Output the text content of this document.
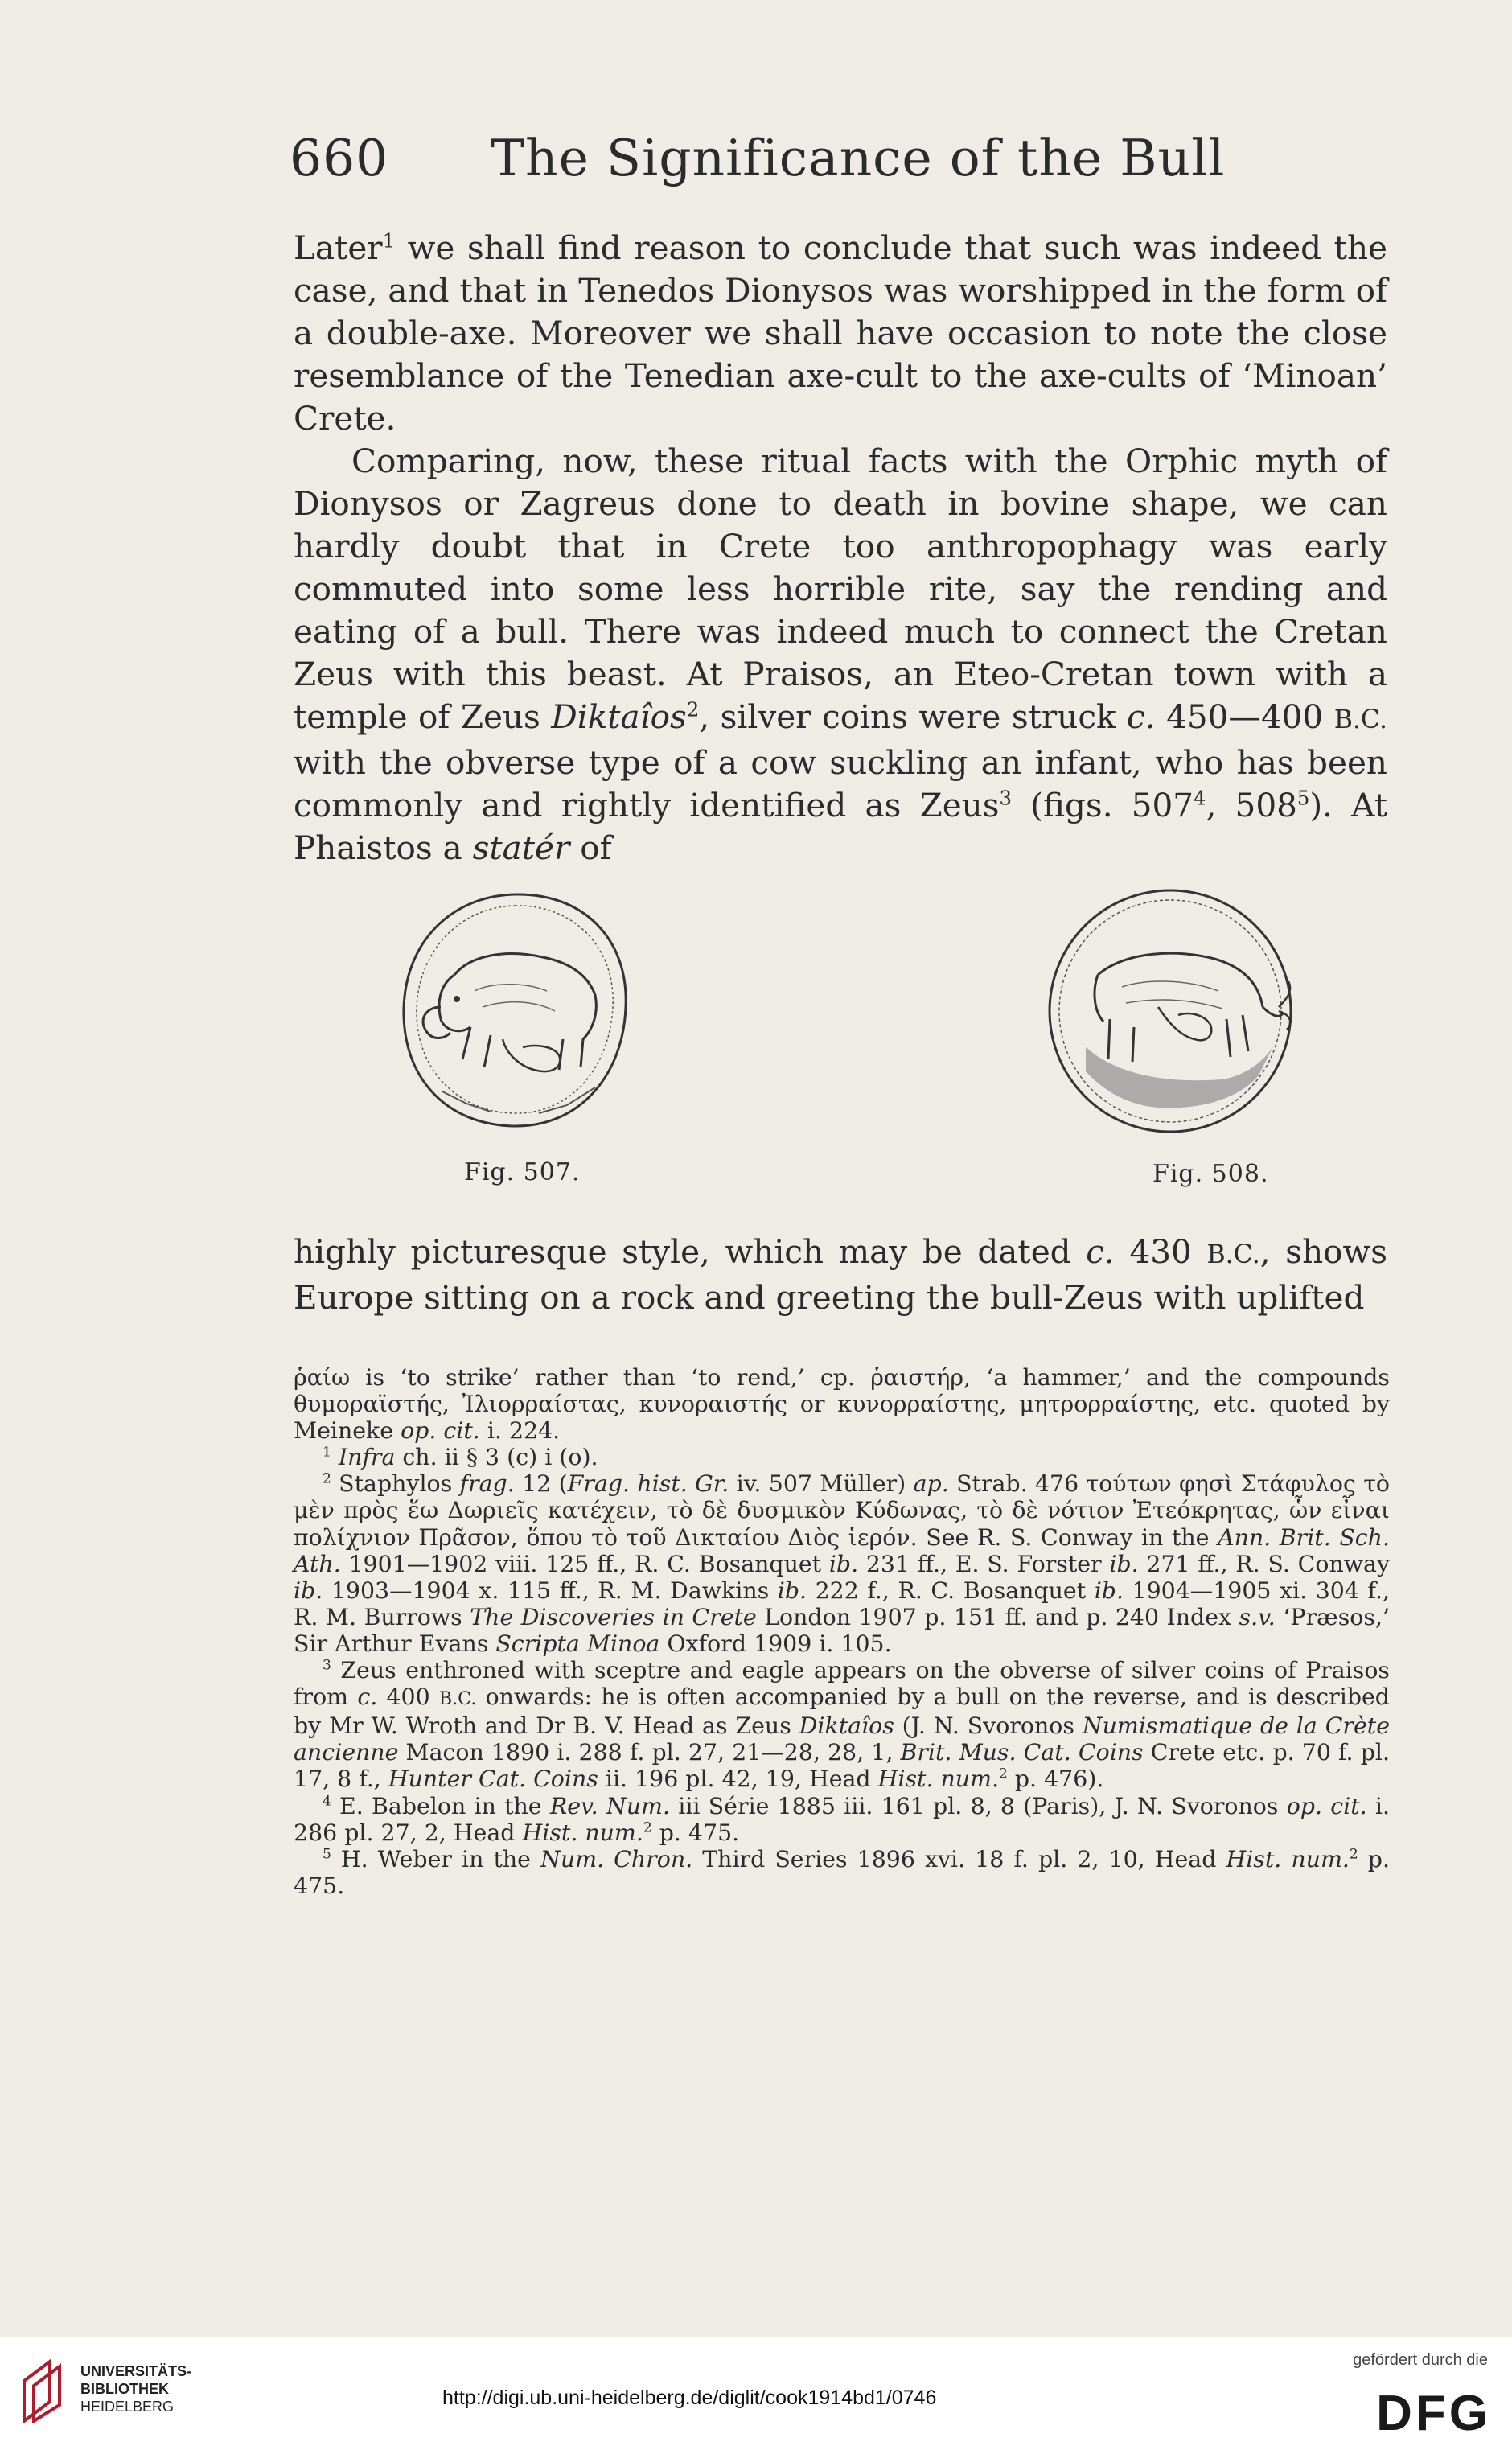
660 The Significance of the Bull

Later$^1$ we shall find reason to conclude that such was indeed the case, and that in Tenedos Dionysos was worshipped in the form of a double-axe. Moreover we shall have occasion to note the close resemblance of the Tenedian axe-cult to the axe-cults of ‘Minoan’ Crete.

Comparing, now, these ritual facts with the Orphic myth of Dionysos or Zagreus done to death in bovine shape, we can hardly doubt that in Crete too anthropophagy was early commuted into some less horrible rite, say the rending and eating of a bull. There was indeed much to connect the Cretan Zeus with this beast. At Praisos, an Eteo-Cretan town with a temple of Zeus Diktaîos$^2$, silver coins were struck c. 450—400 B.C. with the obverse type of a cow suckling an infant, who has been commonly and rightly identified as Zeus$^3$ (figs. $507^4$, $508^5$). At Phaistos a statér of

Fig. 507.	Fig. 508.

highly picturesque style, which may be dated c. 430 B.C., shows Europe sitting on a rock and greeting the bull-Zeus with uplifted

ῥαίω is ‘to strike’ rather than ‘to rend,’ cp. ῥαιστήρ, ‘a hammer,’ and the compounds θυμοραϊστής, Ἰλιορραίστας, κυνοραιστής or κυνορραίστης, μητρορραίστης, etc. quoted by Meineke op. cit. i. 224.

$^1$ Infra ch. ii § 3 (c) i (o).

$^2$ Staphylos frag. 12 (Frag. hist. Gr. iv. 507 Müller) ap. Strab. 476 τούτων φησὶ Στάφυλος τὸ μὲν πρὸς ἕω Δωριεῖς κατέχειν, τὸ δὲ δυσμικὸν Κύδωνας, τὸ δὲ νότιον Ἐτεόκρητας, ὧν εἶναι πολίχνιον Πρᾶσον, ὅπου τὸ τοῦ Δικταίου Διὸς ἱερόν. See R. S. Conway in the Ann. Brit. Sch. Ath. 1901—1902 viii. 125 ff., R. C. Bosanquet ib. 231 ff., E. S. Forster ib. 271 ff., R. S. Conway ib. 1903—1904 x. 115 ff., R. M. Dawkins ib. 222 f., R. C. Bosanquet ib. 1904—1905 xi. 304 f., R. M. Burrows The Discoveries in Crete London 1907 p. 151 ff. and p. 240 Index s.v. ‘Præsos,’ Sir Arthur Evans Scripta Minoa Oxford 1909 i. 105.

$^3$ Zeus enthroned with sceptre and eagle appears on the obverse of silver coins of Praisos from c. 400 B.C. onwards: he is often accompanied by a bull on the reverse, and is described by Mr W. Wroth and Dr B. V. Head as Zeus Diktaîos (J. N. Svoronos Numismatique de la Crète ancienne Macon 1890 i. 288 f. pl. 27, 21—28, 28, 1, Brit. Mus. Cat. Coins Crete etc. p. 70 f. pl. 17, 8 f., Hunter Cat. Coins ii. 196 pl. 42, 19, Head Hist. num.$^2$ p. 476).

$^4$ E. Babelon in the Rev. Num. iii Série 1885 iii. 161 pl. 8, 8 (Paris), J. N. Svoronos op. cit. i. 286 pl. 27, 2, Head Hist. num.$^2$ p. 475.

$^5$ H. Weber in the Num. Chron. Third Series 1896 xvi. 18 f. pl. 2, 10, Head Hist. num.$^2$ p. 475.

UNIVERSITÄTS-
BIBLIOTHEK
HEIDELBERG	http://digi.ub.uni-heidelberg.de/diglit/cook1914bd1/0746
gefördert durch die
DFG
